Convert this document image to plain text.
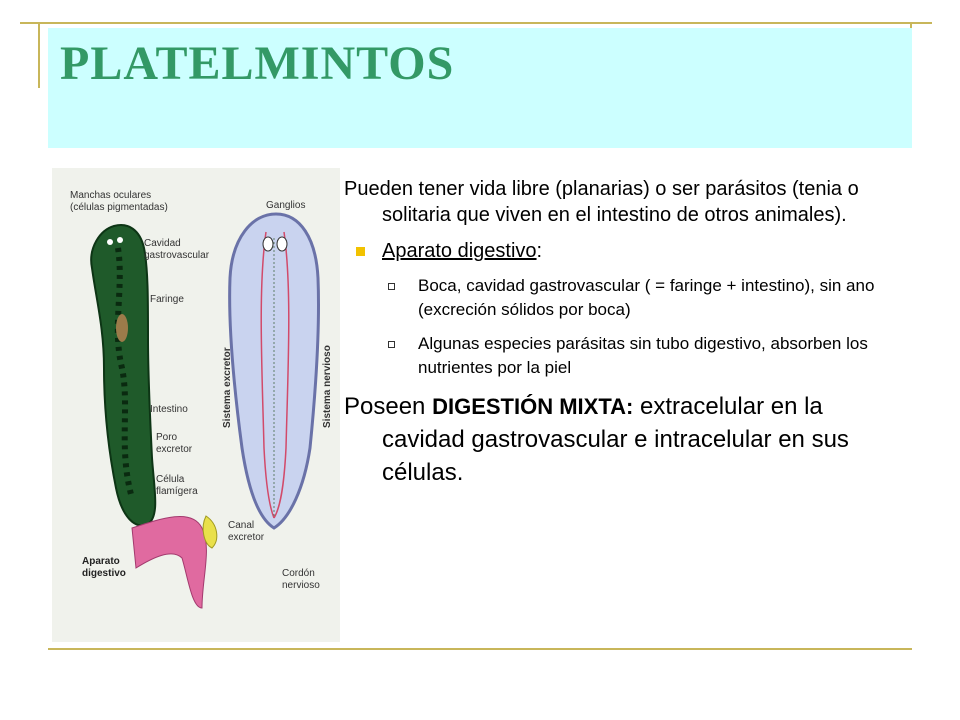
PLATELMINTOS
Manchas oculares
(células pigmentadas)
Cavidad
gastrovascular
Faringe
Intestino
Poro
excretor
Célula
flamígera
Aparato
digestivo
Ganglios
Sistema excretor	Sistema nervioso
Canal
excretor
Cordón
nervioso

Pueden tener vida libre (planarias) o ser parásitos (tenia o solitaria que viven en el intestino de otros animales).

Aparato digestivo:
Boca, cavidad gastrovascular ( = faringe + intestino), sin ano (excreción sólidos por boca)
Algunas especies parásitas sin tubo digestivo, absorben los nutrientes por la piel

Poseen DIGESTIÓN MIXTA: extracelular en la cavidad gastrovascular e intracelular en sus células.
